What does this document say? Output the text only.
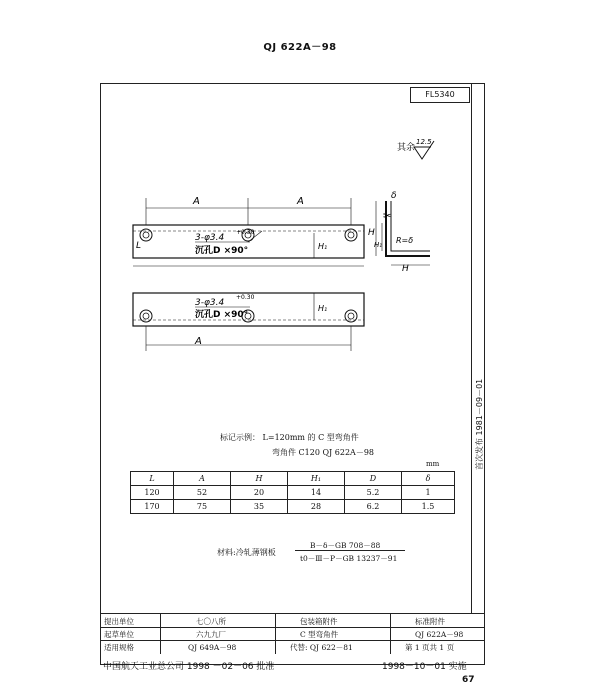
QJ 622A－98
FL5340
其余
12.5
A	A
L
3-φ3.4
+0.30
沉孔D ×90°	H₁
H
H₁
δ
R=δ
H
✂
A
3-φ3.4
+0.30
沉孔D ×90°
H₁
标记示例： L=120mm 的 C 型弯角件
弯角件 C120 QJ 622A－98
mm
L	A	H	H₁	D	δ
120	52	20	14	5.2	1
170	75	35	28	6.2	1.5
材料:冷轧薄钢板
B－δ－GB 708－88
t0－Ⅲ－P－GB 13237－91
首次发布 1981－09－01
提出单位	七〇八所	包装箱附件	标准附件
起草单位	六九九厂	C 型弯角件	QJ 622A－98
适用规格	QJ 649A－98	代替: QJ 622－81	第 1 页共 1 页
中国航天工业总公司 1998 －02－06 批准	1998－10－01 实施
67
